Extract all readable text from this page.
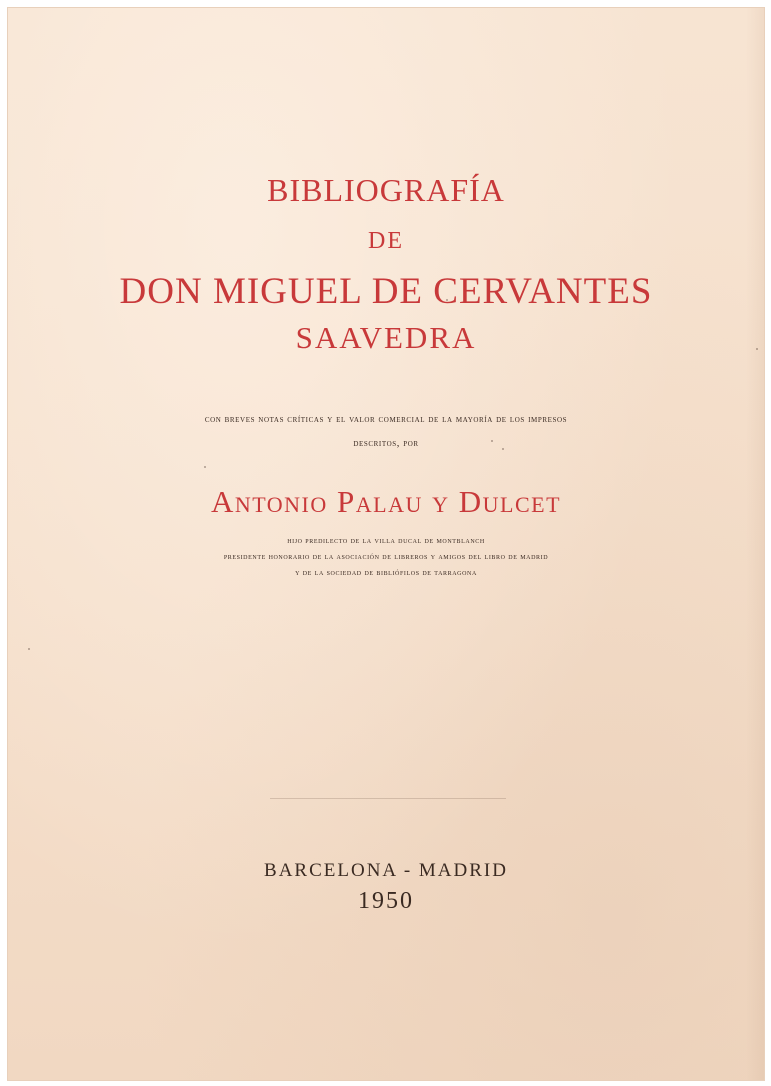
BIBLIOGRAFÍA
DE
DON MIGUEL DE CERVANTES
SAAVEDRA
con breves notas críticas y el valor comercial de la mayoría de los impresos
descritos, por
Antonio Palau y Dulcet
hijo predilecto de la villa ducal de montblanch
presidente honorario de la asociación de libreros y amigos del libro de madrid
y de la sociedad de bibliófilos de tarragona
BARCELONA - MADRID
1950
